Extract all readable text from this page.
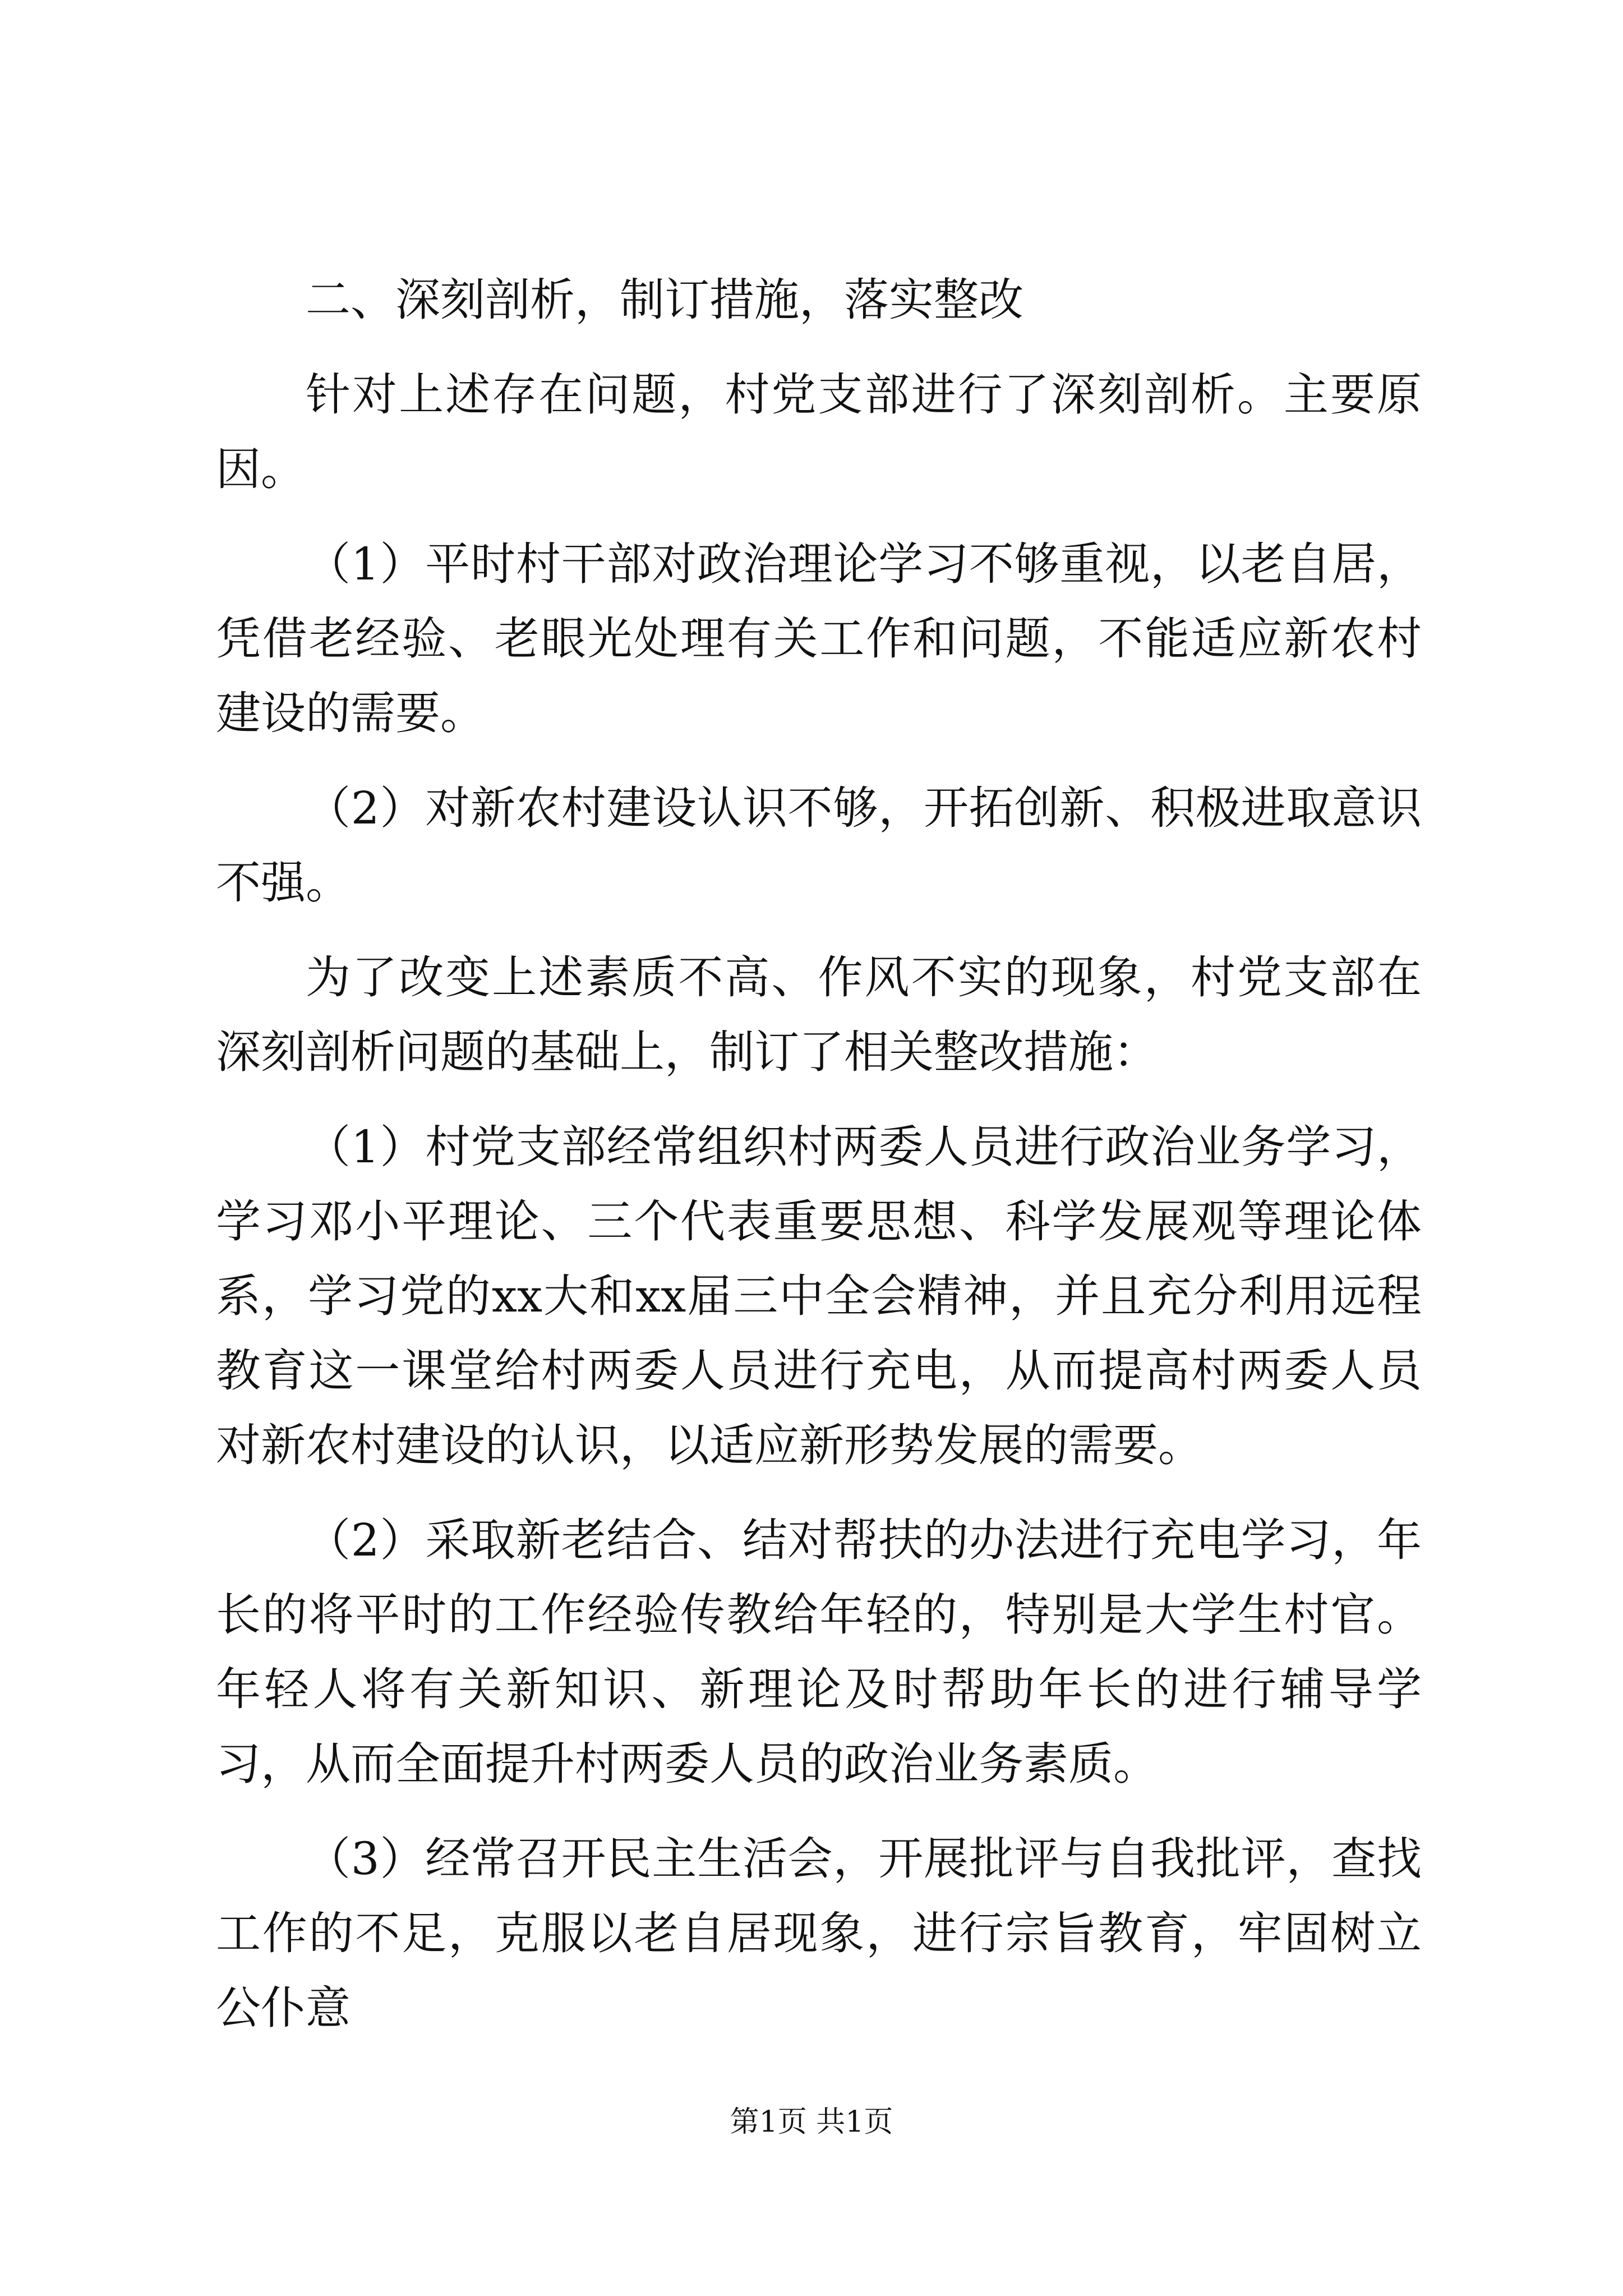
二、深刻剖析，制订措施，落实整改

针对上述存在问题，村党支部进行了深刻剖析。主要原因。

（1）平时村干部对政治理论学习不够重视，以老自居，凭借老经验、老眼光处理有关工作和问题，不能适应新农村建设的需要。

（2）对新农村建设认识不够，开拓创新、积极进取意识不强。

为了改变上述素质不高、作风不实的现象，村党支部在深刻剖析问题的基础上，制订了相关整改措施：

（1）村党支部经常组织村两委人员进行政治业务学习，学习邓小平理论、三个代表重要思想、科学发展观等理论体系，学习党的xx大和xx届三中全会精神，并且充分利用远程教育这一课堂给村两委人员进行充电，从而提高村两委人员对新农村建设的认识，以适应新形势发展的需要。

（2）采取新老结合、结对帮扶的办法进行充电学习，年长的将平时的工作经验传教给年轻的，特别是大学生村官。年轻人将有关新知识、新理论及时帮助年长的进行辅导学习，从而全面提升村两委人员的政治业务素质。

（3）经常召开民主生活会，开展批评与自我批评，查找工作的不足，克服以老自居现象，进行宗旨教育，牢固树立公仆意

第1页 共1页
